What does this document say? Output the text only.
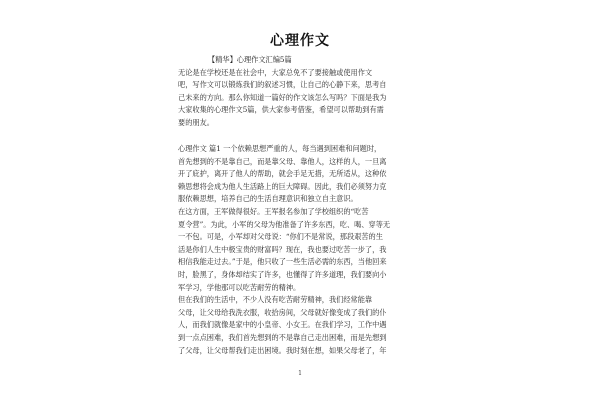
心理作文
【精华】心理作文汇编5篇
无论是在学校还是在社会中，大家总免不了要接触或使用作文
吧，写作文可以锻炼我们的叙述习惯，让自己的心静下来，思考自
己未来的方向。那么你知道一篇好的作文该怎么写吗？下面是我为
大家收集的心理作文5篇，供大家参考借鉴，希望可以帮助到有需
要的朋友。
心理作文 篇1 一个依赖思想严重的人，每当遇到困难和问题时，
首先想到的不是靠自己，而是靠父母、靠他人，这样的人，一旦离
开了庇护，离开了他人的帮助，就会手足无措，无所适从，这种依
赖思想将会成为他人生活路上的巨大障碍。因此，我们必须努力克
服依赖思想，培养自己的生活自理意识和独立自主意识。
在这方面，王军做得很好。王军报名参加了学校组织的“吃苦
夏令营”。为此，小军的父母为他准备了许多东西，吃、喝、穿等无
一不包。可是，小军却对父母说：“你们不是常说，那段艰苦的生
活是你们人生中极宝贵的财富吗？现在，我也要过吃苦一步了，我
相信我能走过去。”于是，他只收了一些生活必需的东西，当他回来
时，脸黑了，身体却结实了许多，也懂得了许多道理，我们要向小
军学习，学他那可以吃苦耐劳的精神。
但在我们的生活中，不少人没有吃苦耐劳精神，我们经常能靠
父母，让父母给我洗衣服，收拾房间，父母就好像变成了我们的仆
人，而我们就像是家中的小皇帝、小女王。在我们学习，工作中遇
到一点点困难，我们首先想到的不是靠自己走出困难，而是先想到
了父母，让父母帮我们走出困境。我时刻在想，如果父母老了，年
1
